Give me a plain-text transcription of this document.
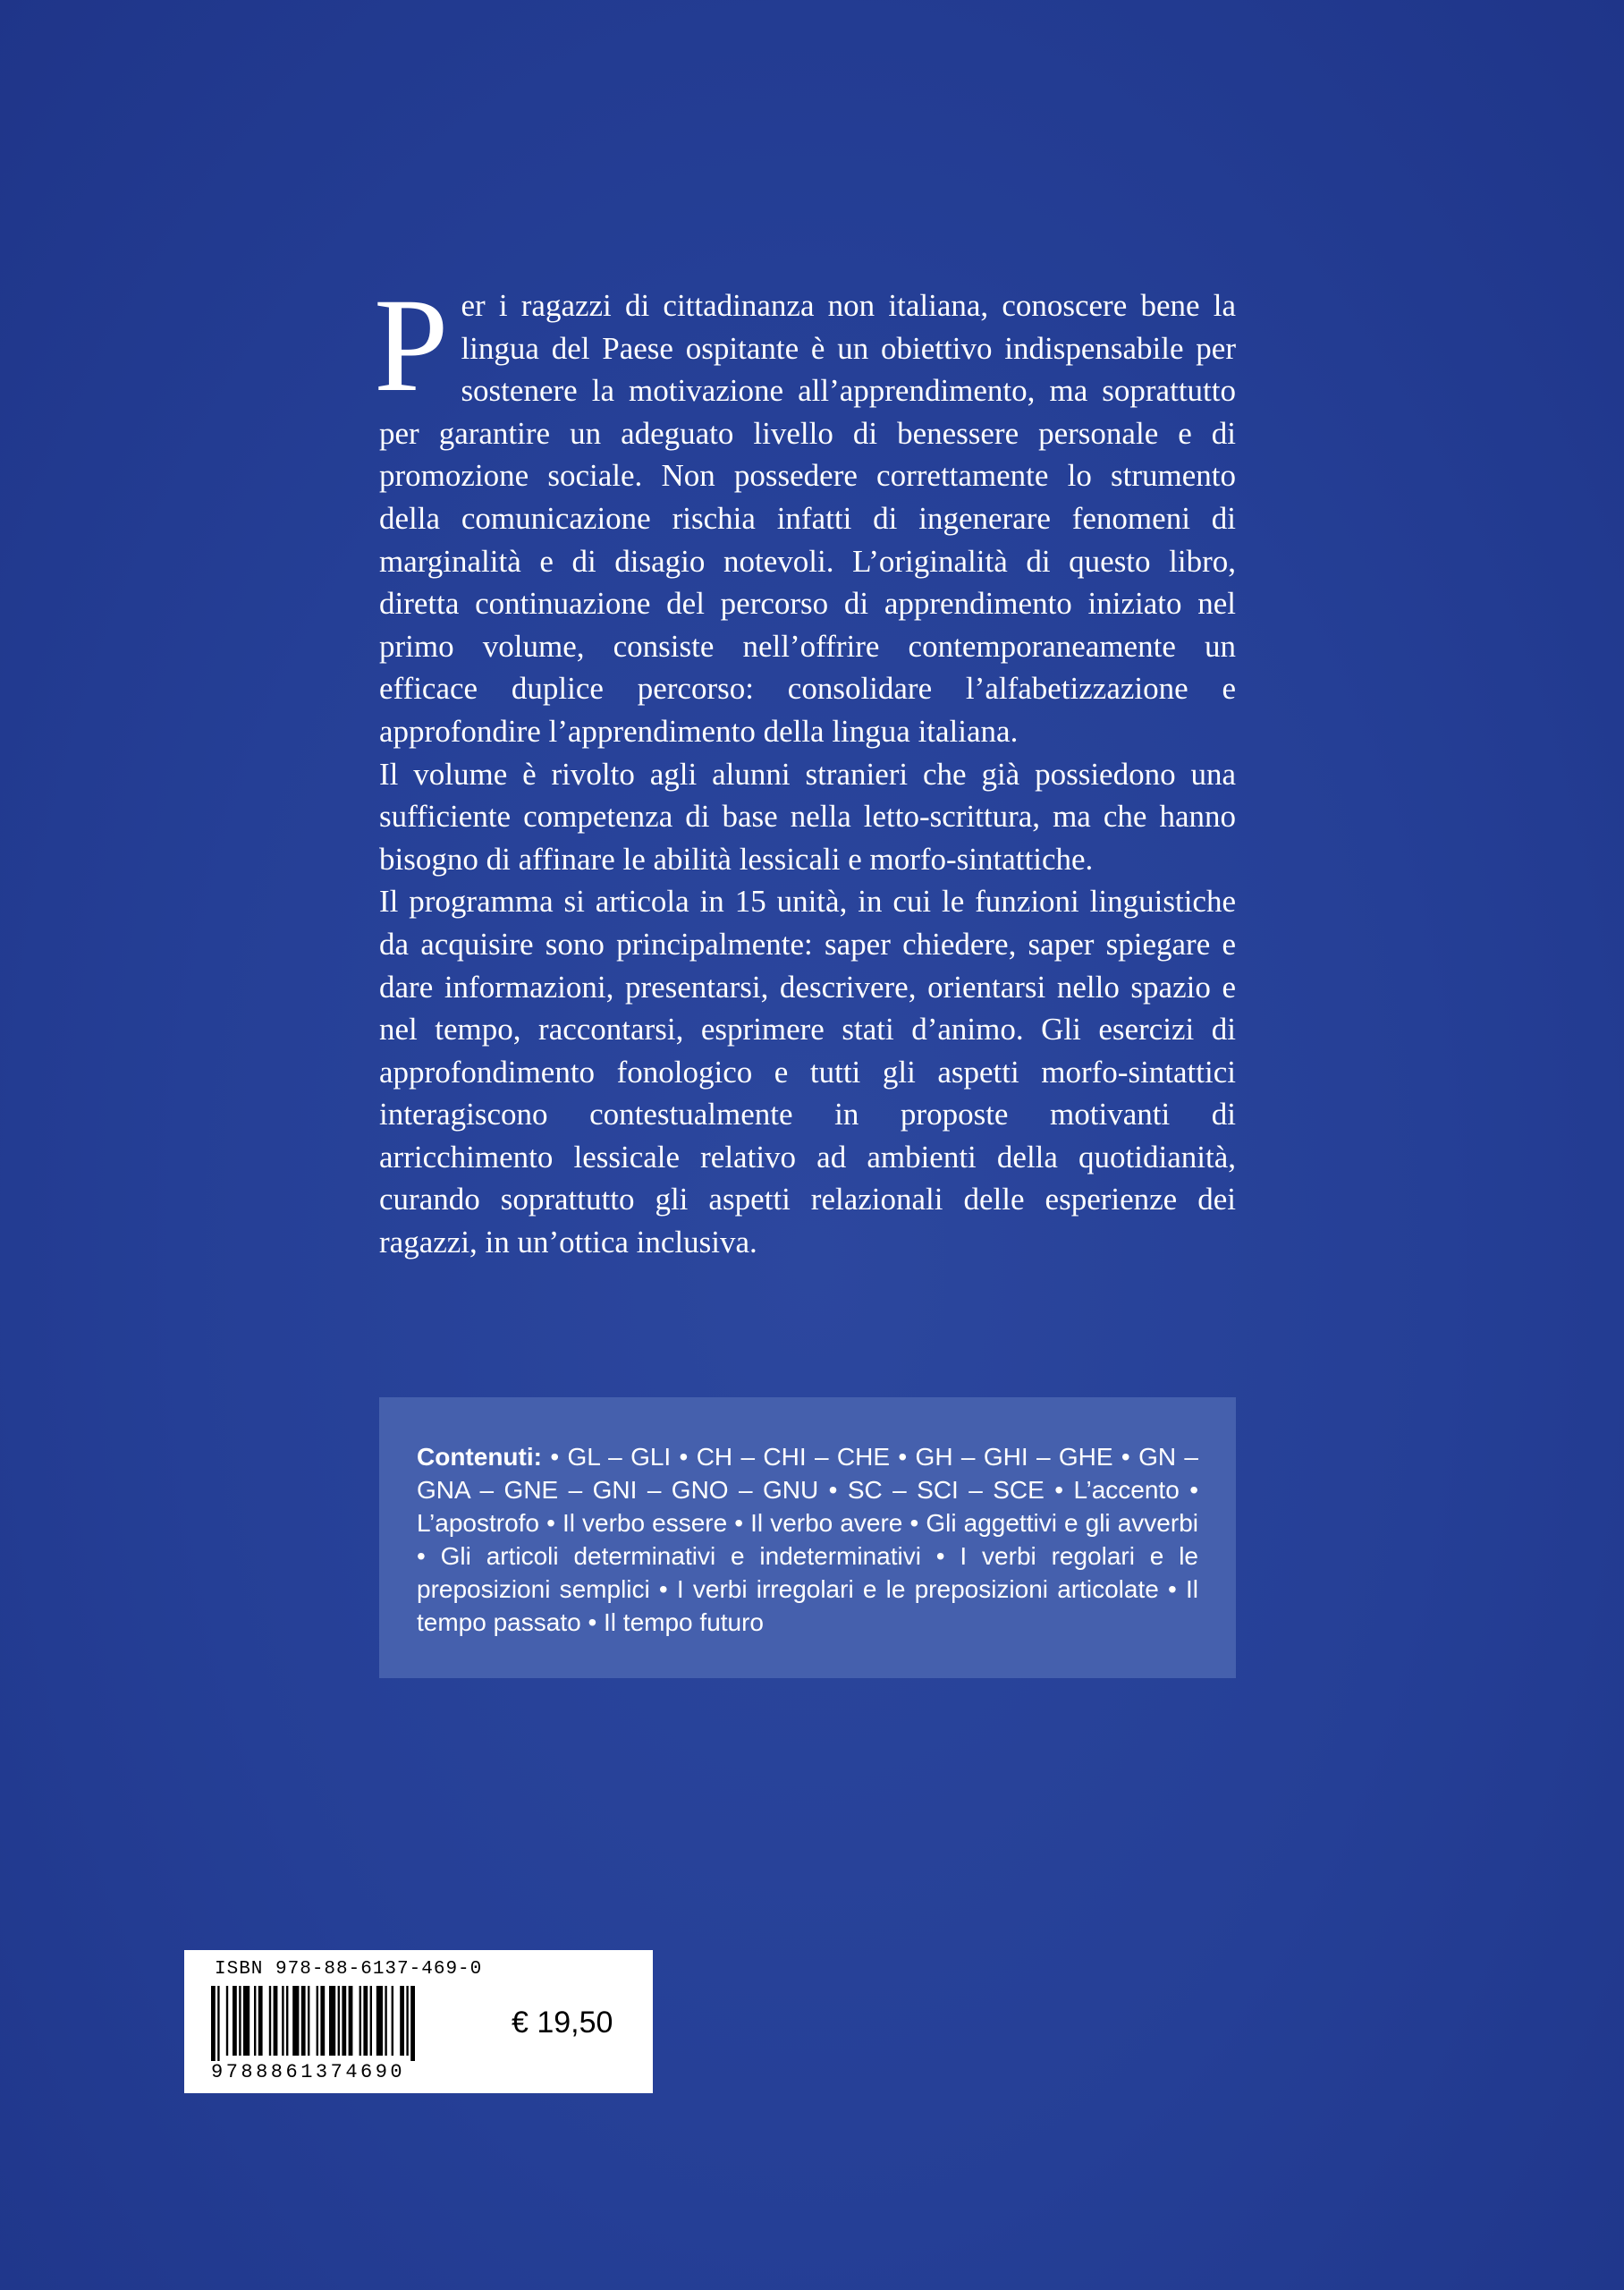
Per i ragazzi di cittadinanza non italiana, conoscere bene la lingua del Paese ospitante è un obiettivo indispensabile per sostenere la motivazione all’apprendimento, ma soprattutto per garantire un adeguato livello di benessere personale e di promozione sociale. Non possedere correttamente lo strumento della comunicazione rischia infatti di ingenerare fenomeni di marginalità e di disagio notevoli. L’originalità di questo libro, diretta continuazione del percorso di apprendimento iniziato nel primo volume, consiste nell’offrire contemporaneamente un efficace duplice percorso: consolidare l’alfabetizzazione e approfondire l’apprendimento della lingua italiana.

Il volume è rivolto agli alunni stranieri che già possiedono una sufficiente competenza di base nella letto-scrittura, ma che hanno bisogno di affinare le abilità lessicali e morfo-sintattiche.

Il programma si articola in 15 unità, in cui le funzioni linguistiche da acquisire sono principalmente: saper chiedere, saper spiegare e dare informazioni, presentarsi, descrivere, orientarsi nello spazio e nel tempo, raccontarsi, esprimere stati d’animo. Gli esercizi di approfondimento fonologico e tutti gli aspetti morfo-sintattici interagiscono contestualmente in proposte motivanti di arricchimento lessicale relativo ad ambienti della quotidianità, curando soprattutto gli aspetti relazionali delle esperienze dei ragazzi, in un’ottica inclusiva.

Contenuti: • GL – GLI • CH – CHI – CHE • GH – GHI – GHE • GN – GNA – GNE – GNI – GNO – GNU • SC – SCI – SCE • L’accento • L’apostrofo • Il verbo essere • Il verbo avere • Gli aggettivi e gli avverbi • Gli articoli determinativi e indeterminativi • I verbi regolari e le preposizioni semplici • I verbi irregolari e le preposizioni articolate • Il tempo passato • Il tempo futuro
ISBN 978-88-6137-469-0
9788861374690
€ 19,50
